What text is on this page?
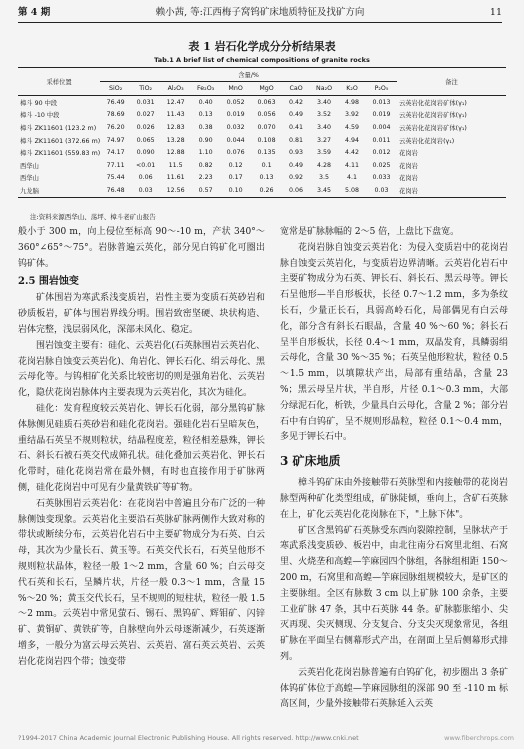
第 4 期	赖小茜, 等:江西梅子窝钨矿床地质特征及找矿方向	11
表 1 岩石化学成分分析结果表
Tab.1 A brief list of chemical compositions of granite rocks
采样位置	含量/%										备注
	SiO₂	TiO₂	Al₂O₃	Fe₂O₃	MnO	MgO	CaO	Na₂O	K₂O	P₂O₅	
樟斗 90 中段	76.49	0.031	12.47	0.40	0.052	0.063	0.42	3.40	4.98	0.013	云英岩化花岗岩矿体(γ₁)
樟斗 -10 中段	78.69	0.027	11.43	0.13	0.019	0.056	0.49	3.52	3.92	0.019	云英岩化花岗岩矿体(γ₁)
樟斗 ZK11601 (123.2 m)	76.20	0.026	12.83	0.38	0.032	0.070	0.41	3.40	4.59	0.004	云英岩化花岗岩矿体(γ₁)
樟斗 ZK11601 (372.66 m)	74.97	0.065	13.28	0.90	0.044	0.108	0.81	3.27	4.94	0.011	云英岩化花岗岩(γ₁)
樟斗 ZK11601 (559.83 m)	74.17	0.090	12.88	1.10	0.076	0.135	0.93	3.59	4.42	0.012	花岗岩
西华山	77.11	<0.01	11.5	0.82	0.12	0.1	0.49	4.28	4.11	0.025	花岗岩
西华山	75.44	0.06	11.61	2.23	0.17	0.13	0.92	3.5	4.1	0.033	花岗岩
九龙脑	76.48	0.03	12.56	0.57	0.10	0.26	0.06	3.45	5.08	0.03	花岗岩
注:资料来源西华山、荡坪、樟斗老矿山报告

般小于 300 m，向上侵位至标高 90～-10 m，产状 340°～360°∠65°～75°。岩脉普遍云英化，部分见白钨矿化可圈出钨矿体。

2.5 围岩蚀变

矿体围岩为寒武系浅变质岩，岩性主要为变质石英砂岩和砂质板岩，矿体与围岩界线分明。围岩致密坚硬、块状构造、岩体完整，浅层弱风化，深部未风化、稳定。

围岩蚀变主要有：硅化、云英岩化(石英脉围岩云英岩化、花岗岩脉自蚀变云英岩化)、角岩化、钾长石化、绢云母化、黑云母化等。与钨相矿化关系比较密切的则是强角岩化、云英岩化，隐伏花岗岩脉体内主要表现为云英岩化，其次为硅化。

硅化：发育程度较云英岩化、钾长石化弱，部分黑钨矿脉体脉侧见硅质石英砂岩和硅化花岗岩。强硅化岩石呈暗灰色，重结晶石英呈不规则粒状，结晶程度差，粒径相差悬殊，钾长石、斜长石被石英交代成筛孔状。硅化叠加云英岩化、钾长石化带时，硅化花岗岩常在最外侧，有时也直接作用于矿脉两侧，硅化花岗岩中可见有少量黄铁矿等矿物。

石英脉围岩云英岩化：在花岗岩中普遍且分布广泛的一种脉侧蚀变现象。云英岩化主要沿石英脉矿脉两侧作大致对称的带状或断续分布，云英岩化岩石中主要矿物成分为石英、白云母，其次为少量长石、黄玉等。石英交代长石，石英呈他形不规则粒状晶体，粒径一般 1～2 mm，含量 60 %；白云母交代石英和长石，呈鳞片状，片径一般 0.3～1 mm，含量 15 %～20 %；黄玉交代长石，呈不规则的短柱状，粒径一般 1.5～2 mm。云英岩中常见萤石、锡石、黑钨矿、辉钼矿、闪锌矿、黄铜矿、黄铁矿等，自脉壁向外云母逐渐减少，石英逐渐增多，一般分为富云母云英岩、云英岩、富石英云英岩、云英岩化花岗岩四个带；蚀变带

宽常是矿脉脉幅的 2～5 倍，上盘比下盘宽。

花岗岩脉自蚀变云英岩化：为侵入变质岩中的花岗岩脉自蚀变云英岩化，与变质岩边界清晰。云英岩化岩石中主要矿物成分为石英、钾长石、斜长石、黑云母等。钾长石呈他形—半自形板状，长径 0.7～1.2 mm，多为条纹长石，少量正长石，具弱高岭石化，局部偶见有白云母化，部分含有斜长石眼晶，含量 40 %～60 %；斜长石呈半自形板状，长径 0.4～1 mm，双晶发育，具鳞弱绢云母化，含量 30 %～35 %；石英呈他形粒状，粒径 0.5～1.5 mm，以填隙状产出，局部有重结晶，含量 23 %；黑云母呈片状，半自形，片径 0.1～0.3 mm，大部分绿泥石化，析铁，少量具白云母化，含量 2 %；部分岩石中有白钨矿，呈不规则形晶粒，粒径 0.1～0.4 mm，多见于钾长石中。

3 矿床地质

樟斗钨矿床由外接触带石英脉型和内接触带的花岗岩脉型两种矿化类型组成，矿脉陡倾，垂向上，含矿石英脉在上，矿化云英岩化花岗脉在下，"上脉下体"。

矿区含黑钨矿石英脉受东西向裂隙控制，呈脉状产于寒武系浅变质砂、板岩中，由北往南分石窝里北组、石窝里、火烧垄和高蝗—竽麻园四个脉组，各脉组相距 150～200 m，石窝里和高蝗—竽麻园脉组规模较大，是矿区的主要脉组。全区有脉数 3 cm 以上矿脉 100 余条，主要工业矿脉 47 条，其中石英脉 44 条。矿脉膨胀缩小、尖灭再现、尖灭侧现、分支复合、分支尖灭现象常见，各组矿脉在平面呈右侧幕形式产出，在剖面上呈后侧幕形式排列。

云英岩化花岗岩脉普遍有白钨矿化，初步圈出 3 条矿体钨矿体位于高蝗—竽麻园脉组的深部 90 至 -110 m 标高区间，少量外接触带石英脉延入云英

?1994-2017 China Academic Journal Electronic Publishing House. All rights reserved. http://www.cnki.net	www.fiberchrops.com
